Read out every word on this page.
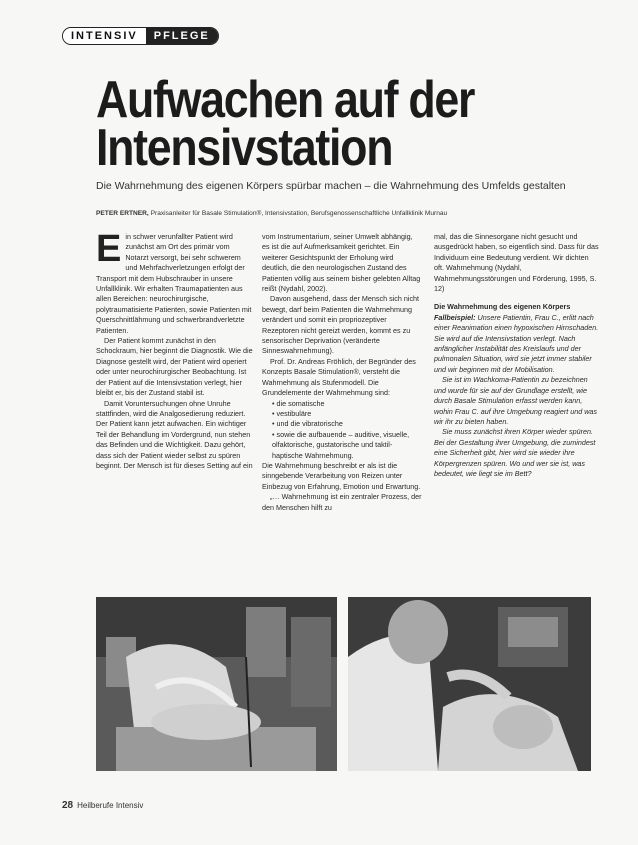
INTENSIV	PFLEGE
Aufwachen auf der
Intensivstation
Die Wahrnehmung des eigenen Körpers spürbar machen – die Wahrnehmung des Umfelds gestalten
PETER ERTNER, Praxisanleiter für Basale Stimulation®, Intensivstation, Berufsgenossenschaftliche Unfallklinik Murnau

Ein schwer verunfallter Patient wird zunächst am Ort des primär vom Notarzt versorgt, bei sehr schwerem und Mehrfachverletzungen erfolgt der Transport mit dem Hubschrauber in unsere Unfallklinik. Wir erhalten Traumapatienten aus allen Bereichen: neurochirurgische, polytraumatisierte Patienten, sowie Patienten mit Querschnittlähmung und schwerbrandverletzte Patienten.

Der Patient kommt zunächst in den Schockraum, hier beginnt die Diagnostik. Wie die Diagnose gestellt wird, der Patient wird operiert oder unter neurochirurgischer Beobachtung. Ist der Patient auf die Intensivstation verlegt, hier bleibt er, bis der Zustand stabil ist.

Damit Voruntersuchungen ohne Unruhe stattfinden, wird die Analgosedierung reduziert. Der Patient kann jetzt aufwachen. Ein wichtiger Teil der Behandlung im Vordergrund, nun stehen das Befinden und die Wichtigkeit. Dazu gehört, dass sich der Patient wieder selbst zu spüren beginnt. Der Mensch ist für dieses Setting auf ein

vom Instrumentarium, seiner Umwelt abhängig, es ist die auf Aufmerksamkeit gerichtet. Ein weiterer Gesichtspunkt der Erholung wird deutlich, die den neurologischen Zustand des Patienten völlig aus seinem bisher gelebten Alltag reißt (Nydahl, 2002).

Davon ausgehend, dass der Mensch sich nicht bewegt, darf beim Patienten die Wahrnehmung verändert und somit ein propriozeptiver Rezeptoren nicht gereizt werden, kommt es zu sensorischer Deprivation (veränderte Sinneswahrnehmung).

Prof. Dr. Andreas Fröhlich, der Begründer des Konzepts Basale Stimulation®, versteht die Wahrnehmung als Stufenmodell. Die Grundelemente der Wahrnehmung sind:

• die somatische
• vestibuläre
• und die vibratorische
• sowie die aufbauende – auditive, visuelle, olfaktorische, gustatorische und taktil-haptische Wahrnehmung.

Die Wahrnehmung beschreibt er als ist die sinngebende Verarbeitung von Reizen unter Einbezug von Erfahrung, Emotion und Erwartung.

„… Wahrnehmung ist ein zentraler Prozess, der den Menschen hilft zu

mal, das die Sinnesorgane nicht gesucht und ausgedrückt haben, so eigentlich sind. Dass für das Individuum eine Bedeutung verdient. Wir dichten oft. Wahrnehmung (Nydahl, Wahrnehmungsstörungen und Förderung, 1995, S. 12)

Die Wahrnehmung des eigenen Körpers

Fallbeispiel: Unsere Patientin, Frau C., erlitt nach einer Reanimation einen hypoxischen Hirnschaden. Sie wird auf die Intensivstation verlegt. Nach anfänglicher Instabilität des Kreislaufs und der pulmonalen Situation, wird sie jetzt immer stabiler und wir beginnen mit der Mobilisation.

Sie ist im Wachkoma-Patientin zu bezeichnen und wurde für sie auf der Grundlage erstellt, wie durch Basale Stimulation erfasst werden kann, wohin Frau C. auf ihre Umgebung reagiert und was wir ihr zu bieten haben.

Sie muss zunächst ihren Körper wieder spüren. Bei der Gestaltung ihrer Umgebung, die zumindest eine Sicherheit gibt, hier wird sie wieder ihre Körpergrenzen spüren. Wo und wer sie ist, was bedeutet, wie liegt sie im Bett?

28 Heilberufe Intensiv
